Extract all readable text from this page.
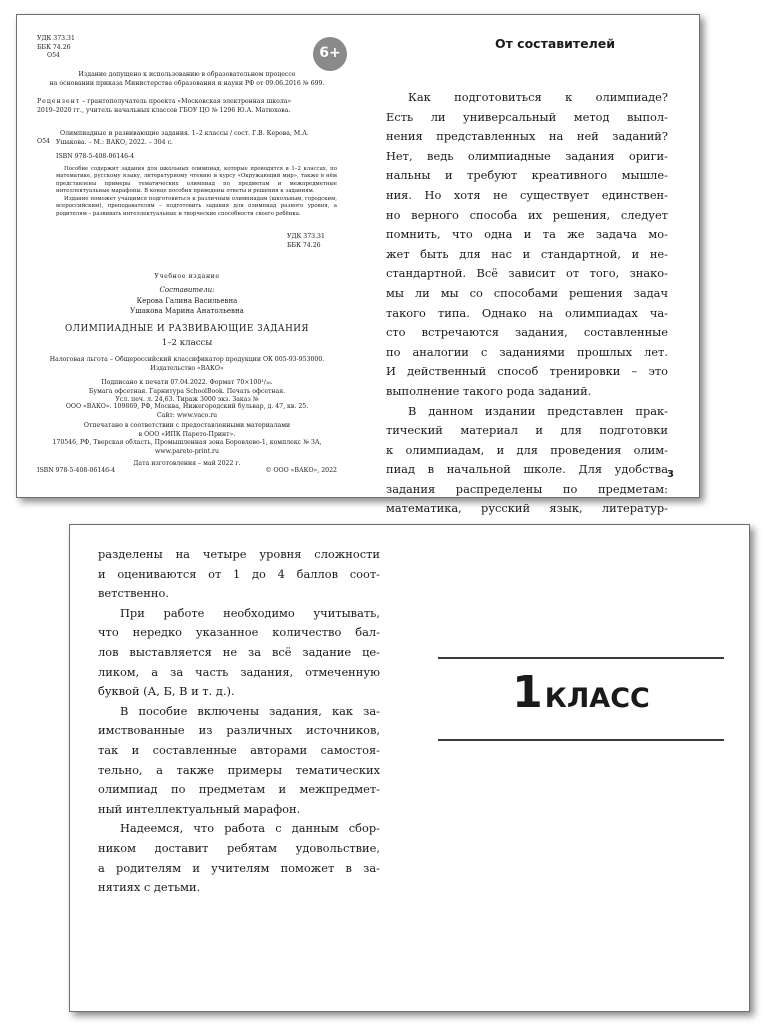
УДК 373.31

ББК 74.26

О54	6+

Издание допущено к использованию в образовательном процессе

на основании приказа Министерства образования и науки РФ от 09.06.2016 № 699.

Рецензент – грантополучатель проекта «Московская электронная школа»

2019–2020 гг., учитель начальных классов ГБОУ ЦО № 1296 Ю.А. Матюхова.

О54

Олимпиадные и развивающие задания. 1–2 классы / сост. Г.В. Керова, М.А. Ушакова. – М.: ВАКО, 2022. – 304 с.

ISBN 978-5-408-06146-4

Пособие содержит задания для школьных олимпиад, которые проводятся в 1–2 классах, по математике, русскому языку, литературному чтению и курсу «Окружающий мир», также в нём представлены примеры тематических олимпиад по предметам и межпредметные интеллектуальные марафоны. В конце пособия приведены ответы и решения к заданиям.

Издание поможет учащимся подготовиться к различным олимпиадам (школьным, городским, всероссийским), преподавателям – подготовить задания для олимпиад разного уровня, а родителям – развивать интеллектуальные и творческие способности своего ребёнка.

УДК 373.31

ББК 74.26

Учебное издание
Составители:

Керова Галина Васильевна

Ушакова Марина Анатольевна

ОЛИМПИАДНЫЕ И РАЗВИВАЮЩИЕ ЗАДАНИЯ
1–2 классы

Налоговая льгота – Общероссийский классификатор продукции ОК 005-93-953000.

Издательство «ВАКО»

Подписано к печати 07.04.2022. Формат 70×100¹/₁₆.

Бумага офсетная. Гарнитура SchoolBook. Печать офсетная.

Усл. печ. л. 24,63. Тираж 3000 экз. Заказ №

ООО «ВАКО». 109869, РФ, Москва, Нижегородский бульвар, д. 47, кв. 25.

Сайт: www.vaco.ru

Отпечатано в соответствии с предоставленными материалами

в ООО «ИПК Парето-Принт».

170546, РФ, Тверская область, Промышленная зона Боровлево-1, комплекс № 3А,

www.pareto-print.ru

Дата изготовления – май 2022 г.

ISBN 978-5-408-06146-4	© ООО «ВАКО», 2022
От составителей
Как подготовиться к олимпиаде?
Есть ли универсальный метод выпол-
нения представленных на ней заданий?
Нет, ведь олимпиадные задания ориги-
нальны и требуют креативного мышле-
ния. Но хотя не существует единствен-
но верного способа их решения, следует
помнить, что одна и та же задача мо-
жет быть для нас и стандартной, и не-
стандартной. Всё зависит от того, знако-
мы ли мы со способами решения задач
такого типа. Однако на олимпиадах ча-
сто встречаются задания, составленные
по аналогии с заданиями прошлых лет.
И действенный способ тренировки – это
выполнение такого рода заданий.
В данном издании представлен прак-
тический материал и для подготовки
к олимпиадам, и для проведения олим-
пиад в начальной школе. Для удобства
задания распределены по предметам:
математика, русский язык, литератур-
3
разделены на четыре уровня сложности
и оцениваются от 1 до 4 баллов соот-
ветственно.
При работе необходимо учитывать,
что нередко указанное количество бал-
лов выставляется не за всё задание це-
ликом, а за часть задания, отмеченную
буквой (А, Б, В и т. д.).
В пособие включены задания, как за-
имствованные из различных источников,
так и составленные авторами самостоя-
тельно, а также примеры тематических
олимпиад по предметам и межпредмет-
ный интеллектуальный марафон.
Надеемся, что работа с данным сбор-
ником доставит ребятам удовольствие,
а родителям и учителям поможет в за-
нятиях с детьми.
1 КЛАСС
